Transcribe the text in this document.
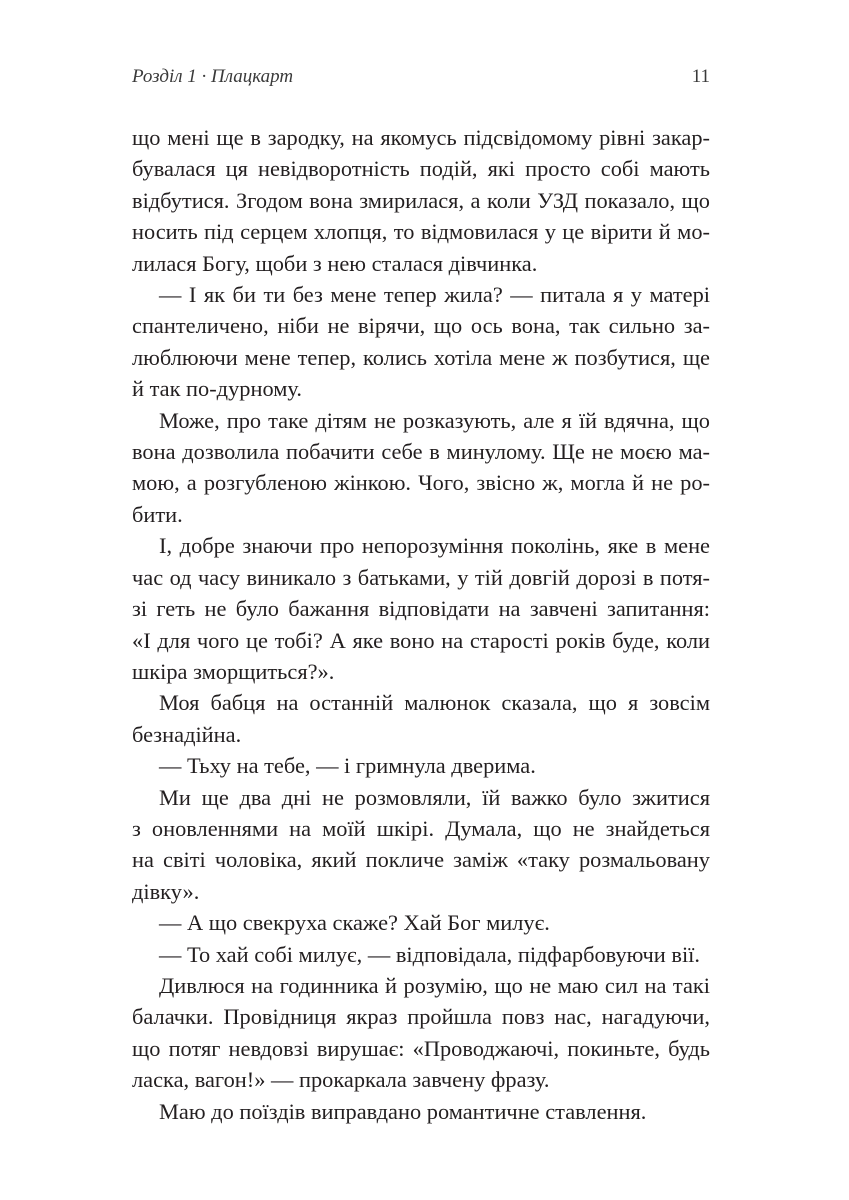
Розділ 1 · Плацкарт	11
що мені ще в зародку, на якомусь підсвідомому рівні закар-
бувалася ця невідворотність подій, які просто собі мають
відбутися. Згодом вона змирилася, а коли УЗД показало, що
носить під серцем хлопця, то відмовилася у це вірити й мо-
лилася Богу, щоби з нею сталася дівчинка.
— І як би ти без мене тепер жила? — питала я у матері
спантеличено, ніби не вірячи, що ось вона, так сильно за-
люблюючи мене тепер, колись хотіла мене ж позбутися, ще
й так по-дурному.
Може, про таке дітям не розказують, але я їй вдячна, що
вона дозволила побачити себе в минулому. Ще не моєю ма-
мою, а розгубленою жінкою. Чого, звісно ж, могла й не ро-
бити.
І, добре знаючи про непорозуміння поколінь, яке в мене
час од часу виникало з батьками, у тій довгій дорозі в потя-
зі геть не було бажання відповідати на завчені запитання:
«І для чого це тобі? А яке воно на старості років буде, коли
шкіра зморщиться?».
Моя бабця на останній малюнок сказала, що я зовсім
безнадійна.
— Тьху на тебе, — і гримнула дверима.
Ми ще два дні не розмовляли, їй важко було зжитися
з оновленнями на моїй шкірі. Думала, що не знайдеться
на світі чоловіка, який покличе заміж «таку розмальовану
дівку».
— А що свекруха скаже? Хай Бог милує.
— То хай собі милує, — відповідала, підфарбовуючи вії.
Дивлюся на годинника й розумію, що не маю сил на такі
балачки. Провідниця якраз пройшла повз нас, нагадуючи,
що потяг невдовзі вирушає: «Проводжаючі, покиньте, будь
ласка, вагон!» — прокаркала завчену фразу.
Маю до поїздів виправдано романтичне ставлення.
